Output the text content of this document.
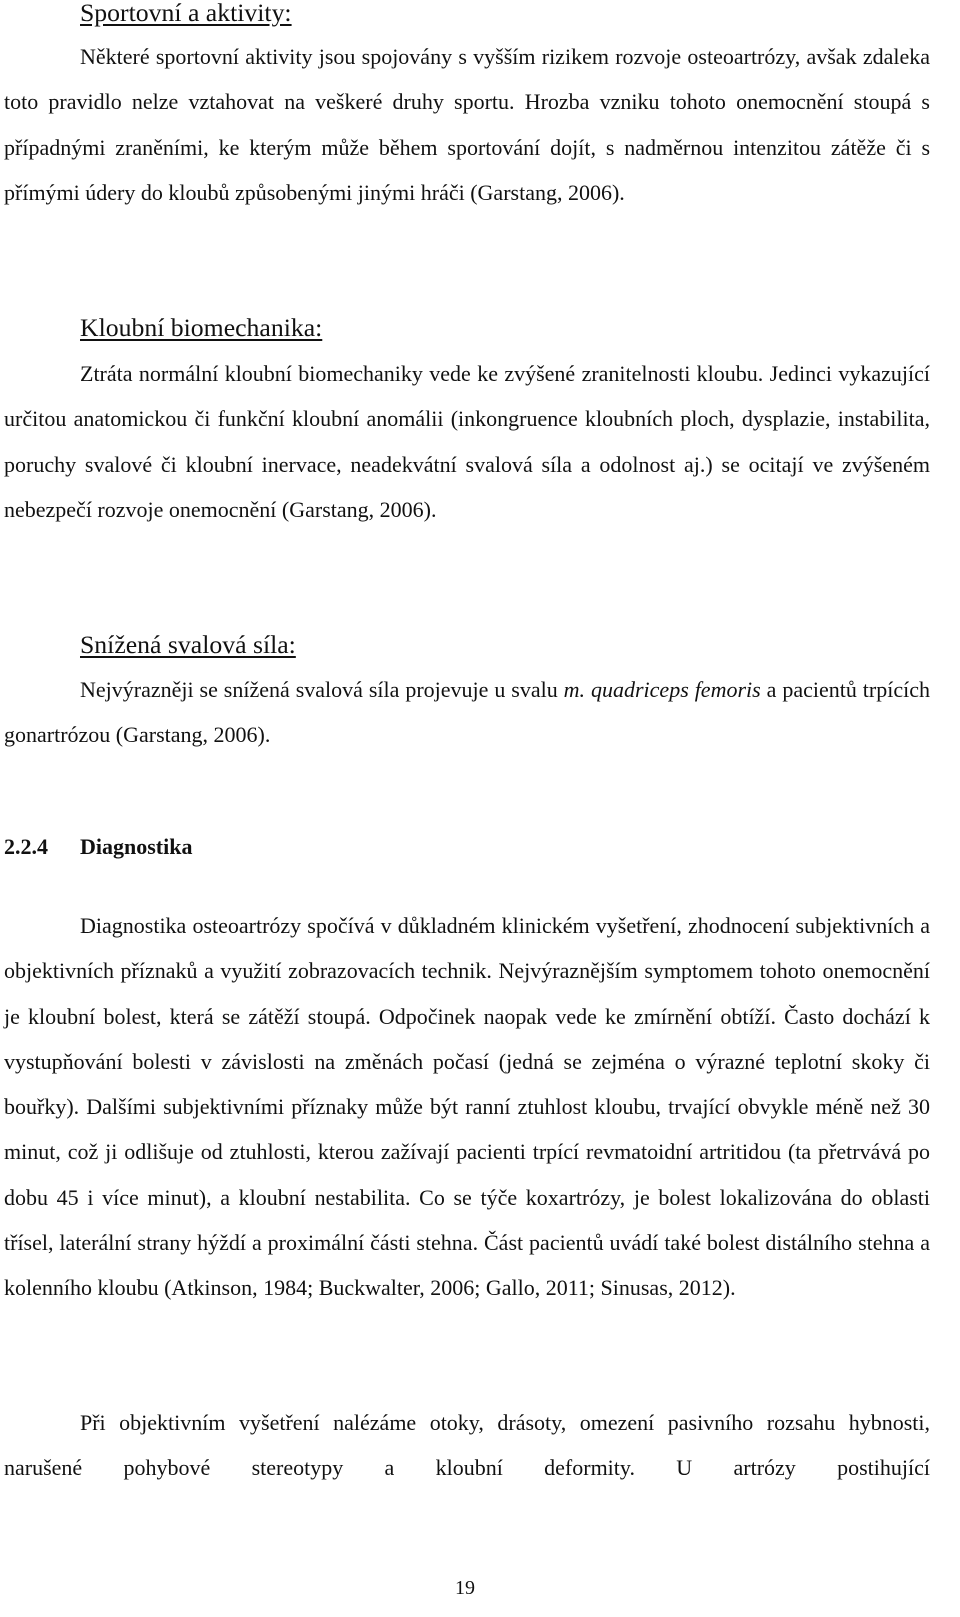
Sportovní a aktivity:

Některé sportovní aktivity jsou spojovány s vyšším rizikem rozvoje osteoartrózy, avšak zdaleka toto pravidlo nelze vztahovat na veškeré druhy sportu. Hrozba vzniku tohoto onemocnění stoupá s případnými zraněními, ke kterým může během sportování dojít, s nadměrnou intenzitou zátěže či s přímými údery do kloubů způsobenými jinými hráči (Garstang, 2006).

Kloubní biomechanika:

Ztráta normální kloubní biomechaniky vede ke zvýšené zranitelnosti kloubu. Jedinci vykazující určitou anatomickou či funkční kloubní anomálii (inkongruence kloubních ploch, dysplazie, instabilita, poruchy svalové či kloubní inervace, neadekvátní svalová síla a odolnost aj.) se ocitají ve zvýšeném nebezpečí rozvoje onemocnění (Garstang, 2006).

Snížená svalová síla:

Nejvýrazněji se snížená svalová síla projevuje u svalu m. quadriceps femoris a pacientů trpících gonartrózou (Garstang, 2006).

2.2.4 Diagnostika

Diagnostika osteoartrózy spočívá v důkladném klinickém vyšetření, zhodnocení subjektivních a objektivních příznaků a využití zobrazovacích technik. Nejvýraznějším symptomem tohoto onemocnění je kloubní bolest, která se zátěží stoupá. Odpočinek naopak vede ke zmírnění obtíží. Často dochází k vystupňování bolesti v závislosti na změnách počasí (jedná se zejména o výrazné teplotní skoky či bouřky). Dalšími subjektivními příznaky může být ranní ztuhlost kloubu, trvající obvykle méně než 30 minut, což ji odlišuje od ztuhlosti, kterou zažívají pacienti trpící revmatoidní artritidou (ta přetrvává po dobu 45 i více minut), a kloubní nestabilita. Co se týče koxartrózy, je bolest lokalizována do oblasti třísel, laterální strany hýždí a proximální části stehna. Část pacientů uvádí také bolest distálního stehna a kolenního kloubu (Atkinson, 1984; Buckwalter, 2006; Gallo, 2011; Sinusas, 2012).

Při objektivním vyšetření nalézáme otoky, drásoty, omezení pasivního rozsahu hybnosti, narušené pohybové stereotypy a kloubní deformity. U artrózy postihující

19
